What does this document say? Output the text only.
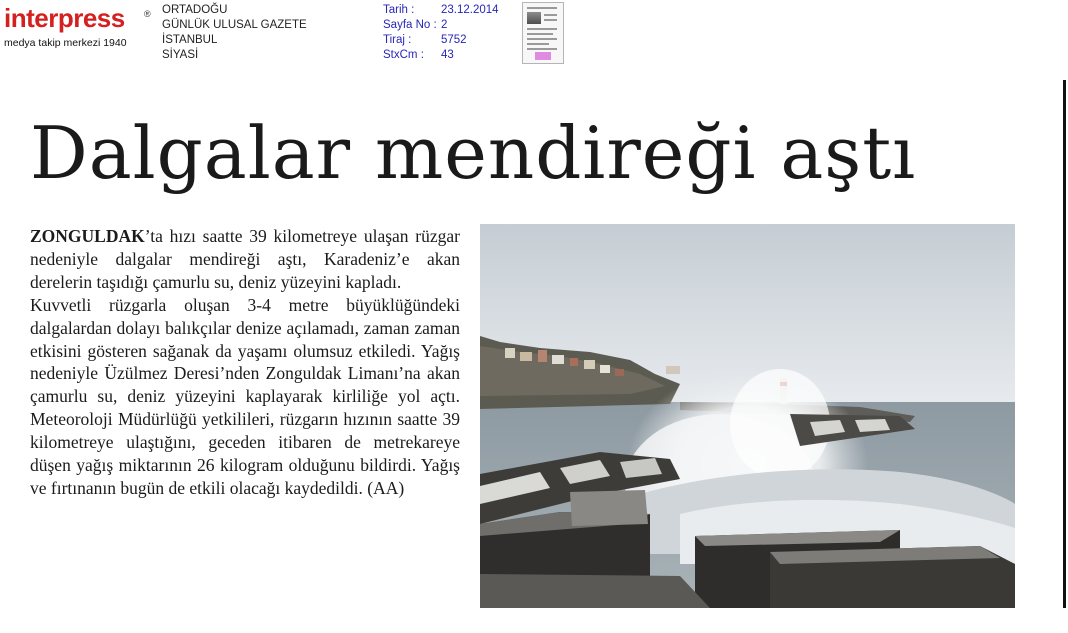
interpress ®
medya takip merkezi 1940
ORTADOĞU
GÜNLÜK ULUSAL GAZETE
İSTANBUL
SİYASİ
Tarih :	23.12.2014
Sayfa No : 2
Tiraj :	5752
StxCm :	43
Dalgalar mendireği aştı

ZONGULDAK’ta hızı saatte 39 kilometreye ulaşan rüzgar nedeniyle dalgalar mendireği aştı, Karadeniz’e akan derelerin taşıdığı çamurlu su, deniz yüzeyini kapladı.

Kuvvetli rüzgarla oluşan 3-4 metre büyüklüğündeki dalgalardan dolayı balıkçılar denize açılamadı, zaman zaman etkisini gösteren sağanak da yaşamı olumsuz etkiledi. Yağış nedeniyle Üzülmez Deresi’nden Zonguldak Limanı’na akan çamurlu su, deniz yüzeyini kaplayarak kirliliğe yol açtı. Meteoroloji Müdürlüğü yetkilileri, rüzgarın hızının saatte 39 kilometreye ulaştığını, geceden itibaren de metrekareye düşen yağış miktarının 26 kilogram olduğunu bildirdi. Yağış ve fırtınanın bugün de etkili olacağı kaydedildi. (AA)
